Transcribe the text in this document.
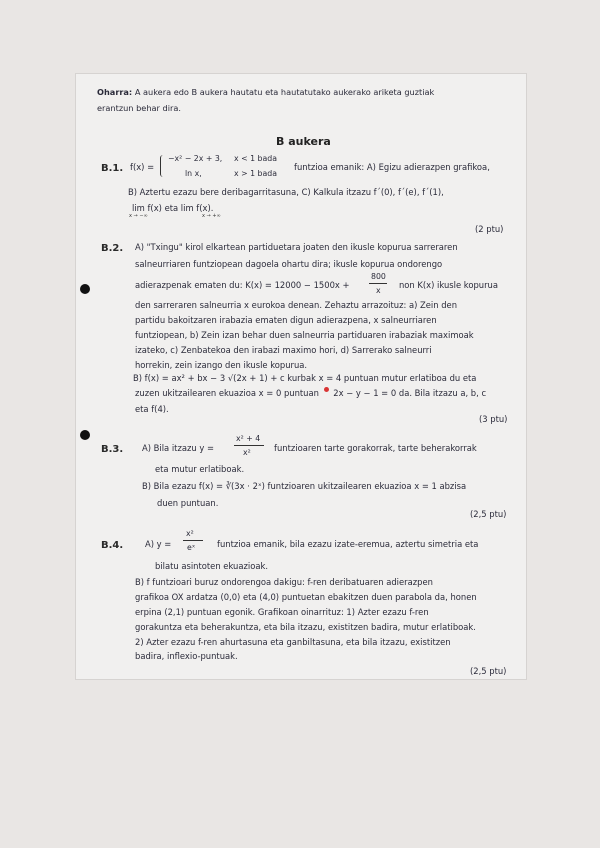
Oharra: A aukera edo B aukera hautatu eta hautatutako aukerako ariketa guztiak
erantzun behar dira.
B aukera
B.1. f(x) =
−x² − 2x + 3, x < 1 bada
ln x,	x > 1 bada
funtzioa emanik: A) Egizu adierazpen grafikoa,
B) Aztertu ezazu bere deribagarritasuna, C) Kalkula itzazu f´(0), f´(e), f´(1),
lim f(x) eta lim f(x).
x → −∞	x → +∞
(2 ptu)
B.2. A) "Txingu" kirol elkartean partiduetara joaten den ikusle kopurua sarreraren
salneurriaren funtziopean dagoela ohartu dira; ikusle kopurua ondorengo
adierazpenak ematen du: K(x) = 12000 − 1500x +
800
x
non K(x) ikusle kopurua
den sarreraren salneurria x eurokoa denean. Zehaztu arrazoituz: a) Zein den
partidu bakoitzaren irabazia ematen digun adierazpena, x salneurriaren
funtziopean, b) Zein izan behar duen salneurria partiduaren irabaziak maximoak
izateko, c) Zenbatekoa den irabazi maximo hori, d) Sarrerako salneurri
horrekin, zein izango den ikusle kopurua.
B) f(x) = ax² + bx − 3 √(2x + 1) + c kurbak x = 4 puntuan mutur erlatiboa du eta
zuzen ukitzailearen ekuazioa x = 0 puntuan 2x − y − 1 = 0 da. Bila itzazu a, b, c
eta f(4).
(3 ptu)
B.3. A) Bila itzazu y =
x² + 4
x²	funtzioaren tarte gorakorrak, tarte beherakorrak
eta mutur erlatiboak.
B) Bila ezazu f(x) = ∛(3x · 2ˣ) funtzioaren ukitzailearen ekuazioa x = 1 abzisa
duen puntuan.
(2,5 ptu)
B.4.	A) y =
x²
eˣ	funtzioa emanik, bila ezazu izate-eremua, aztertu simetria eta
bilatu asintoten ekuazioak.
B) f funtzioari buruz ondorengoa dakigu: f-ren deribatuaren adierazpen
grafikoa OX ardatza (0,0) eta (4,0) puntuetan ebakitzen duen parabola da, honen
erpina (2,1) puntuan egonik. Grafikoan oinarrituz: 1) Azter ezazu f-ren
gorakuntza eta beherakuntza, eta bila itzazu, existitzen badira, mutur erlatiboak.
2) Azter ezazu f-ren ahurtasuna eta ganbiltasuna, eta bila itzazu, existitzen
badira, inflexio-puntuak.
(2,5 ptu)
